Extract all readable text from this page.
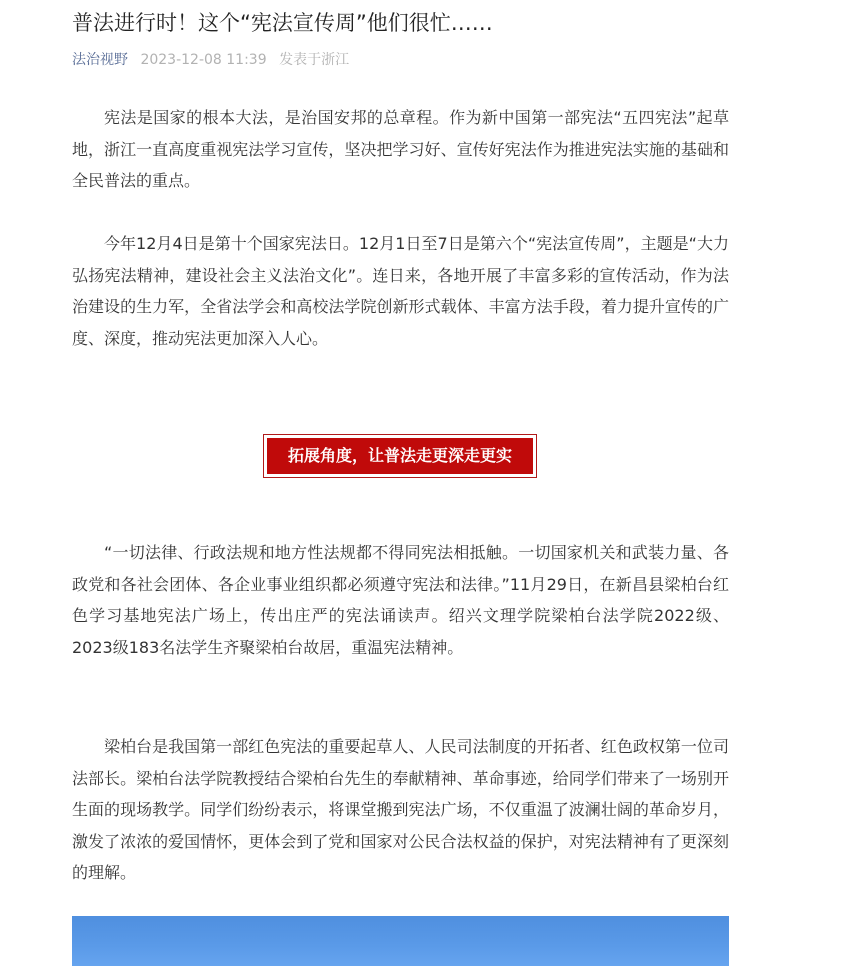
普法进行时！这个“宪法宣传周”他们很忙……
法治视野 2023-12-08 11:39 发表于浙江

宪法是国家的根本大法，是治国安邦的总章程。作为新中国第一部宪法“五四宪法”起草地，浙江一直高度重视宪法学习宣传，坚决把学习好、宣传好宪法作为推进宪法实施的基础和全民普法的重点。

今年12月4日是第十个国家宪法日。12月1日至7日是第六个“宪法宣传周”，主题是“大力弘扬宪法精神，建设社会主义法治文化”。连日来，各地开展了丰富多彩的宣传活动，作为法治建设的生力军，全省法学会和高校法学院创新形式载体、丰富方法手段，着力提升宣传的广度、深度，推动宪法更加深入人心。

拓展角度，让普法走更深走更实

“一切法律、行政法规和地方性法规都不得同宪法相抵触。一切国家机关和武装力量、各政党和各社会团体、各企业事业组织都必须遵守宪法和法律。”11月29日，在新昌县梁柏台红色学习基地宪法广场上，传出庄严的宪法诵读声。绍兴文理学院梁柏台法学院2022级、2023级183名法学生齐聚梁柏台故居，重温宪法精神。

梁柏台是我国第一部红色宪法的重要起草人、人民司法制度的开拓者、红色政权第一位司法部长。梁柏台法学院教授结合梁柏台先生的奉献精神、革命事迹，给同学们带来了一场别开生面的现场教学。同学们纷纷表示，将课堂搬到宪法广场，不仅重温了波澜壮阔的革命岁月，激发了浓浓的爱国情怀，更体会到了党和国家对公民合法权益的保护，对宪法精神有了更深刻的理解。
